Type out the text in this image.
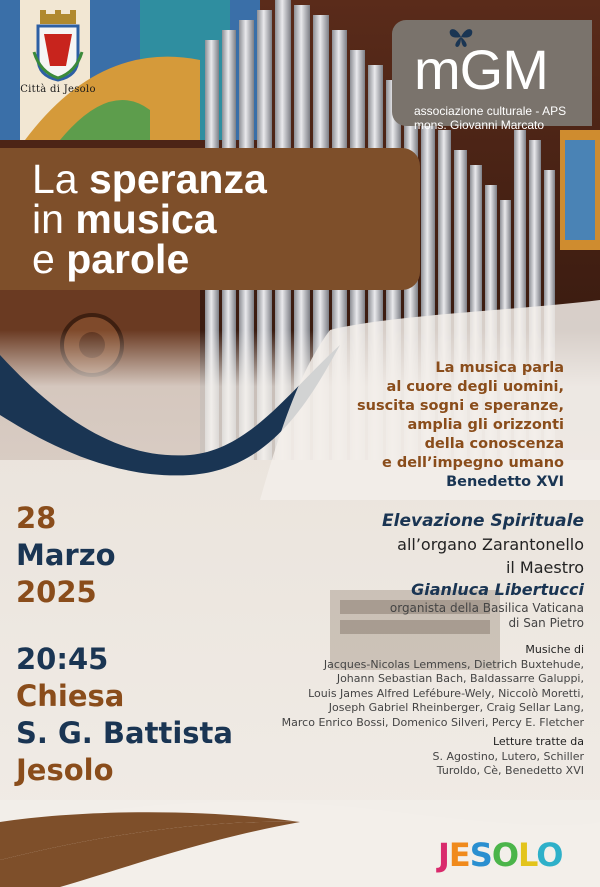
Città di Jesolo	mGM
associazione culturale - APS
mons. Giovanni Marcato
La speranza
in musica
e parole
La musica parla
al cuore degli uomini,
suscita sogni e speranze,
amplia gli orizzonti
della conoscenza
e dell’impegno umano
Benedetto XVI
28
Marzo
2025
20:45
Chiesa
S. G. Battista
Jesolo
Elevazione Spirituale
all’organo Zarantonello
il Maestro
Gianluca Libertucci
organista della Basilica Vaticana
di San Pietro
Musiche di
Jacques-Nicolas Lemmens, Dietrich Buxtehude,
Johann Sebastian Bach, Baldassarre Galuppi,
Louis James Alfred Lefébure-Wely, Niccolò Moretti,
Joseph Gabriel Rheinberger, Craig Sellar Lang,
Marco Enrico Bossi, Domenico Silveri, Percy E. Fletcher
Letture tratte da
S. Agostino, Lutero, Schiller
Turoldo, Cè, Benedetto XVI
JESOLO
